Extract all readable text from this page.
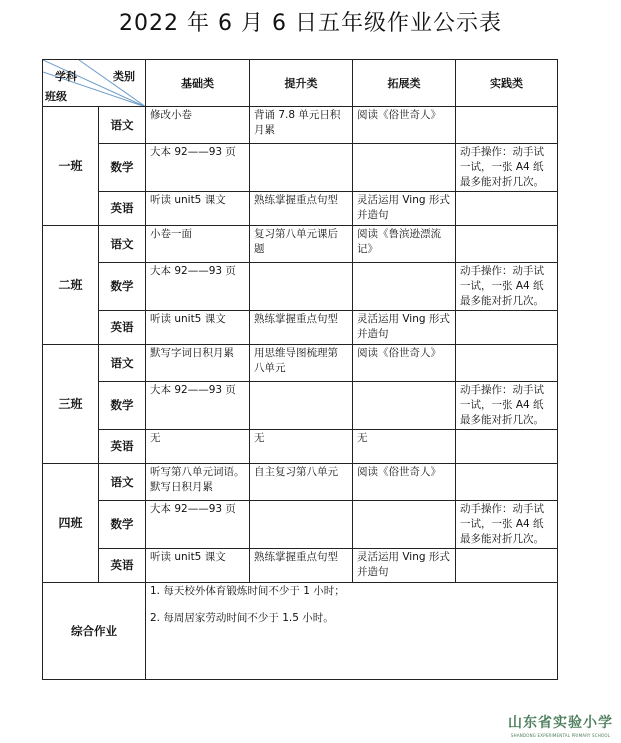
2022 年 6 月 6 日五年级作业公示表
学科 类别
班级		基础类	提升类	拓展类	实践类
一班	语文	修改小卷	背诵 7.8 单元日积月累	阅读《俗世奇人》	
	数学	大本 92——93 页			动手操作：动手试一试，一张 A4 纸最多能对折几次。
	英语	听读 unit5 课文	熟练掌握重点句型	灵活运用 Ving 形式并造句	
二班	语文	小卷一面	复习第八单元课后题	阅读《鲁滨逊漂流记》	
	数学	大本 92——93 页			动手操作：动手试一试，一张 A4 纸最多能对折几次。
	英语	听读 unit5 课文	熟练掌握重点句型	灵活运用 Ving 形式并造句	
三班	语文	默写字词日积月累	用思维导图梳理第八单元	阅读《俗世奇人》	
	数学	大本 92——93 页			动手操作：动手试一试，一张 A4 纸最多能对折几次。
	英语	无	无	无	
四班	语文	听写第八单元词语。默写日积月累	自主复习第八单元	阅读《俗世奇人》	
	数学	大本 92——93 页			动手操作：动手试一试，一张 A4 纸最多能对折几次。
	英语	听读 unit5 课文	熟练掌握重点句型	灵活运用 Ving 形式并造句	
综合作业		1. 每天校外体育锻炼时间不少于 1 小时；
2. 每周居家劳动时间不少于 1.5 小时。			
山东省实验小学
SHANDONG EXPERIMENTAL PRIMARY SCHOOL
